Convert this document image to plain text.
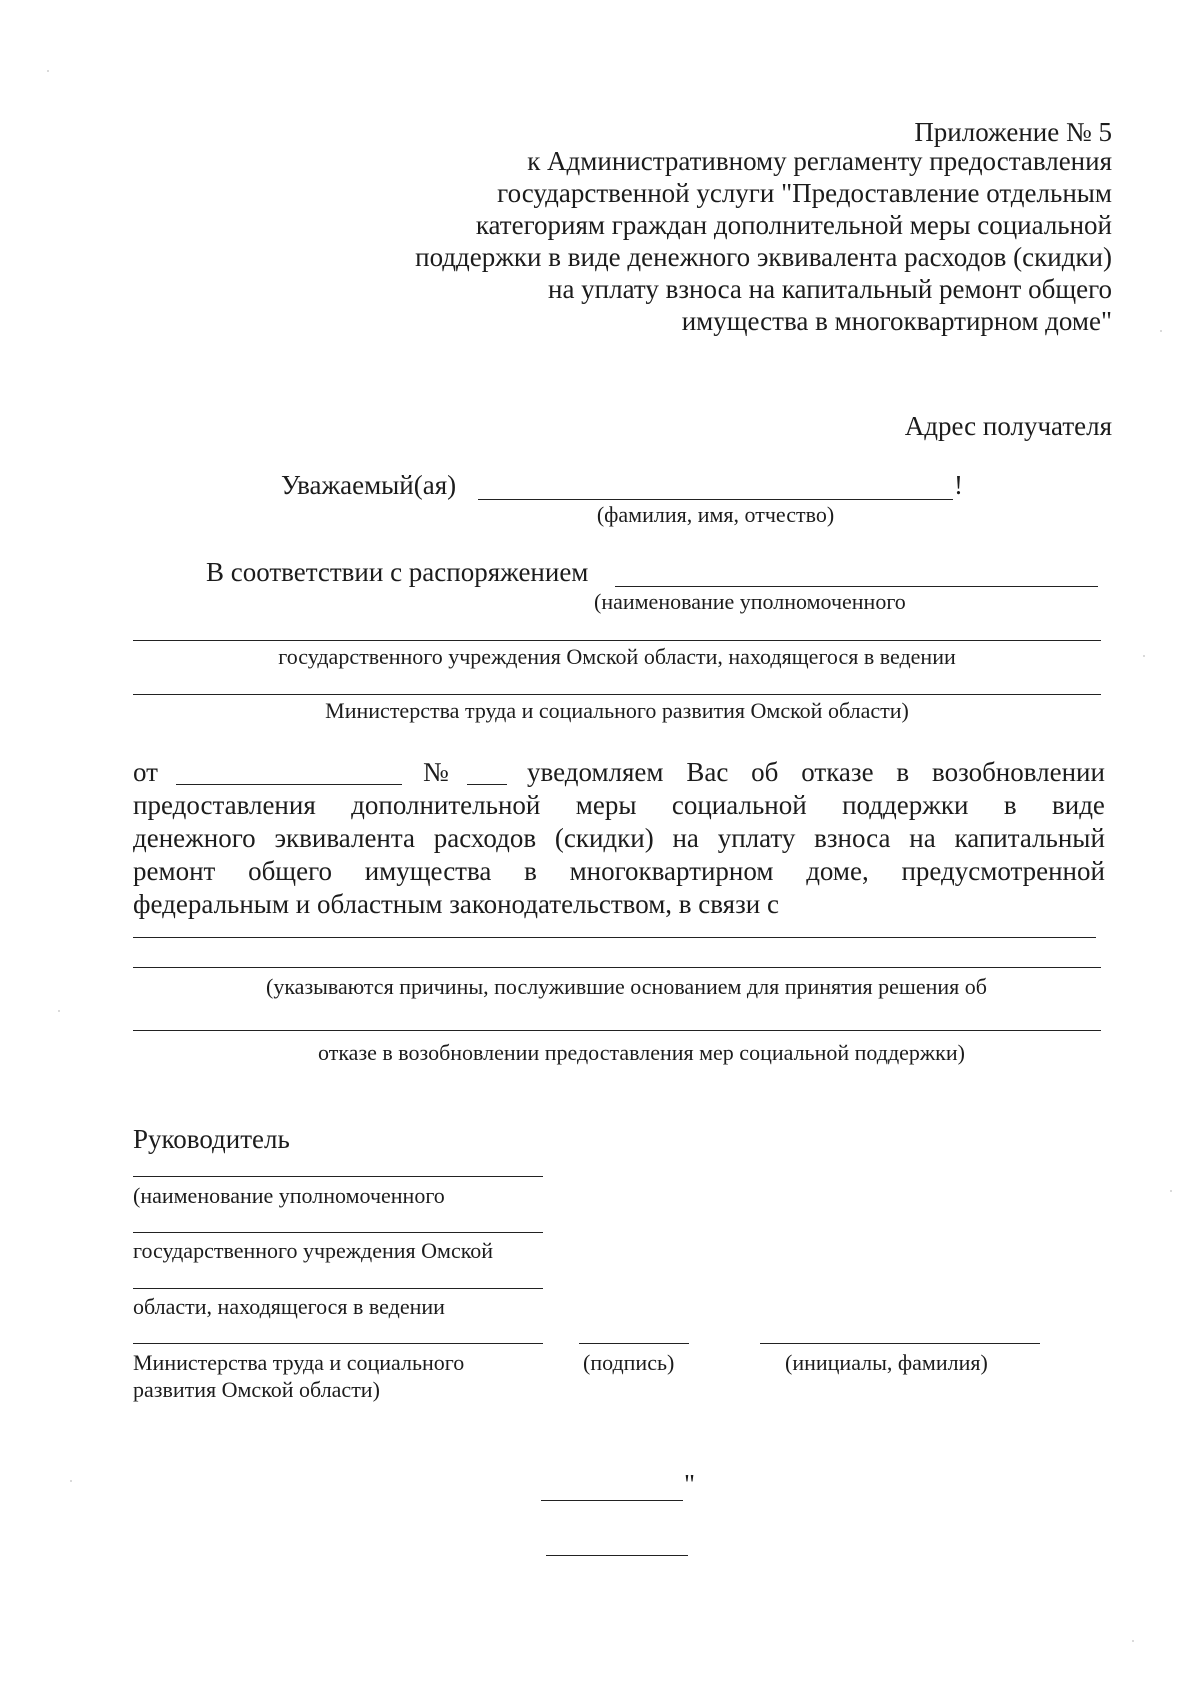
Приложение № 5
к Административному регламенту предоставления
государственной услуги "Предоставление отдельным
категориям граждан дополнительной меры социальной
поддержки в виде денежного эквивалента расходов (скидки)
на уплату взноса на капитальный ремонт общего
имущества в многоквартирном доме"
Адрес получателя
Уважаемый(ая)	!
(фамилия, имя, отчество)
В соответствии с распоряжением
(наименование уполномоченного
государственного учреждения Омской области, находящегося в ведении
Министерства труда и социального развития Омской области)
от	№	уведомляем Вас об отказе в возобновлении
предоставления дополнительной меры социальной поддержки в виде
денежного эквивалента расходов (скидки) на уплату взноса на капитальный
ремонт общего имущества в многоквартирном доме, предусмотренной
федеральным и областным законодательством, в связи с
(указываются причины, послужившие основанием для принятия решения об
отказе в возобновлении предоставления мер социальной поддержки)
Руководитель
(наименование уполномоченного
государственного учреждения Омской
области, находящегося в ведении
Министерства труда и социального
развития Омской области)
(подпись)	(инициалы, фамилия)
"
